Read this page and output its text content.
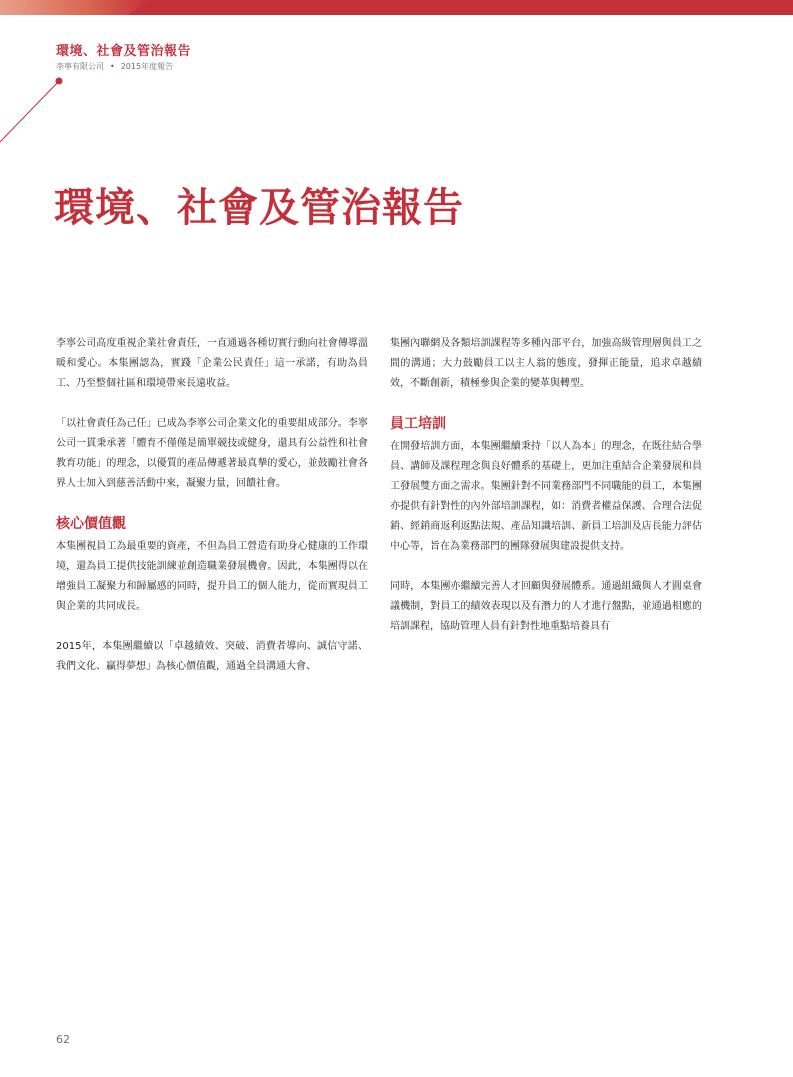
環境、社會及管治報告
李寧有限公司 • 2015年度報告
環境、社會及管治報告

李寧公司高度重視企業社會責任，一直通過各種切實行動向社會傳導溫暖和愛心。本集團認為，實踐「企業公民責任」這一承諾，有助為員工、乃至整個社區和環境帶來長遠收益。

「以社會責任為己任」已成為李寧公司企業文化的重要組成部分。李寧公司一貫秉承著「體育不僅僅是簡單競技或健身，還具有公益性和社會教育功能」的理念，以優質的產品傳遞著最真摯的愛心，並鼓勵社會各界人士加入到慈善活動中來，凝聚力量，回饋社會。

核心價值觀

本集團視員工為最重要的資產，不但為員工營造有助身心健康的工作環境，還為員工提供技能訓練並創造職業發展機會。因此，本集團得以在增強員工凝聚力和歸屬感的同時，提升員工的個人能力，從而實現員工與企業的共同成長。

2015年，本集團繼續以「卓越績效、突破、消費者導向、誠信守諾、我們文化、贏得夢想」為核心價值觀，通過全員溝通大會、

集團內聯網及各類培訓課程等多種內部平台，加強高級管理層與員工之間的溝通；大力鼓勵員工以主人翁的態度，發揮正能量，追求卓越績效，不斷創新，積極參與企業的變革與轉型。

員工培訓

在開發培訓方面，本集團繼續秉持「以人為本」的理念，在既往結合學員、講師及課程理念與良好體系的基礎上，更加注重結合企業發展和員工發展雙方面之需求。集團針對不同業務部門不同職能的員工，本集團亦提供有針對性的內外部培訓課程，如：消費者權益保護、合理合法促銷、經銷商返利返點法規、產品知識培訓、新員工培訓及店長能力評估中心等，旨在為業務部門的團隊發展與建設提供支持。

同時，本集團亦繼續完善人才回顧與發展體系。通過組織與人才圓桌會議機制，對員工的績效表現以及有潛力的人才進行盤點，並通過相應的培訓課程，協助管理人員有針對性地重點培養具有

62
